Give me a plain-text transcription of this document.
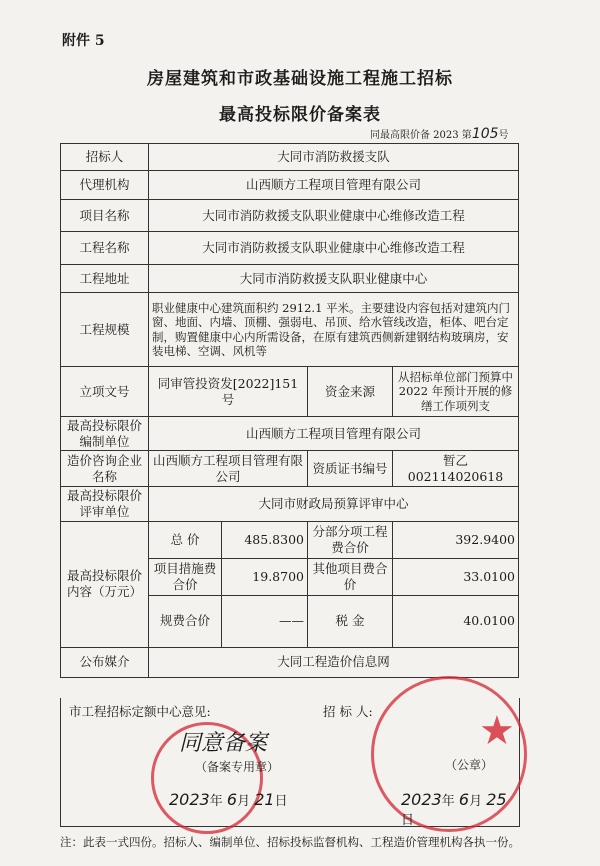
附件 5
房屋建筑和市政基础设施工程施工招标
最高投标限价备案表
同最高限价备 2023 第105号
招标人	大同市消防救援支队			
代理机构	山西顺方工程项目管理有限公司			
项目名称	大同市消防救援支队职业健康中心维修改造工程			
工程名称	大同市消防救援支队职业健康中心维修改造工程			
工程地址	大同市消防救援支队职业健康中心			
工程规模	职业健康中心建筑面积约 2912.1 平米。主要建设内容包括对建筑内门窗、地面、内墙、顶棚、强弱电、吊顶、给水管线改造，柜体、吧台定制，购置健康中心内所需设备，在原有建筑西侧新建钢结构玻璃房，安装电梯、空调、风机等			
立项文号	同审管投资发[2022]151 号		资金来源	从招标单位部门预算中 2022 年预计开展的修缮工作项列支
最高投标限价编制单位	山西顺方工程项目管理有限公司			
造价咨询企业名称	山西顺方工程项目管理有限公司		资质证书编号	暂乙 002114020618
最高投标限价评审单位	大同市财政局预算评审中心			
最高投标限价内容（万元）	总 价	485.8300	分部分项工程费合价	392.9400
	项目措施费合价	19.8700	其他项目费合价	33.0100
	规费合价	——	税 金	40.0100
公布媒介	大同工程造价信息网			
市工程招标定额中心意见:	招 标 人:
同意备案
（备案专用章）
★
（公章）
2023年 6月 21日	2023年 6月 25日
注：此表一式四份。招标人、编制单位、招标投标监督机构、工程造价管理机构各执一份。
